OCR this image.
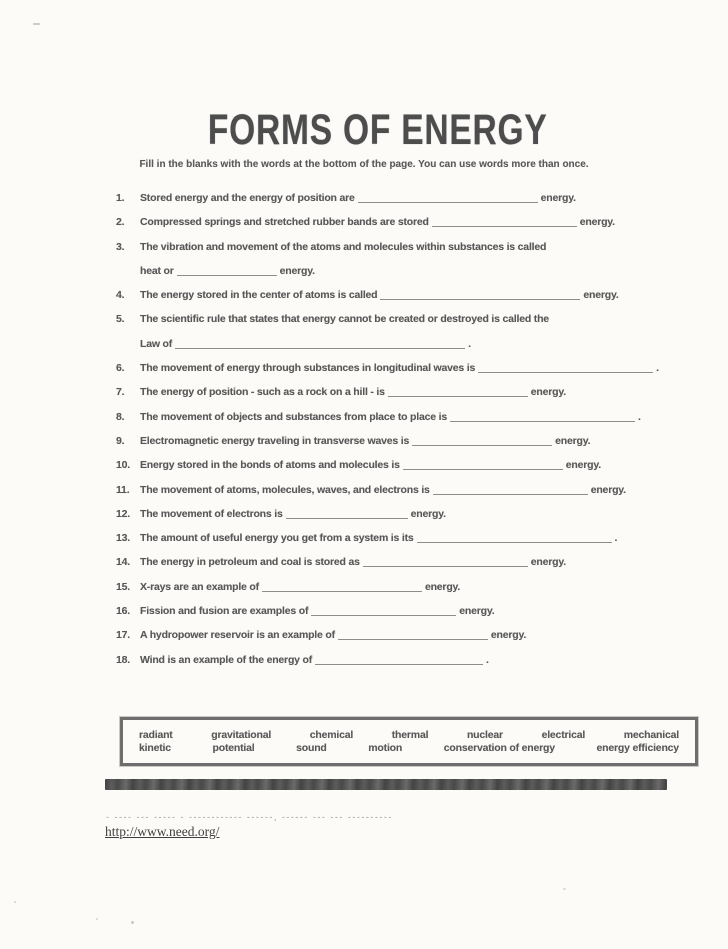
FORMS OF ENERGY

Fill in the blanks with the words at the bottom of the page. You can use words more than once.

1.	Stored energy and the energy of position are	energy.
2.	Compressed springs and stretched rubber bands are stored	energy.
3.	The vibration and movement of the atoms and molecules within substances is called
heat or	energy.
4.	The energy stored in the center of atoms is called	energy.
5.	The scientific rule that states that energy cannot be created or destroyed is called the
Law of	.
6.	The movement of energy through substances in longitudinal waves is	.
7.	The energy of position - such as a rock on a hill - is	energy.
8.	The movement of objects and substances from place to place is	.
9.	Electromagnetic energy traveling in transverse waves is	energy.
10. Energy stored in the bonds of atoms and molecules is	energy.
11.	The movement of atoms, molecules, waves, and electrons is	energy.
12. The movement of electrons is	energy.
13. The amount of useful energy you get from a system is its	.
14. The energy in petroleum and coal is stored as	energy.
15. X-rays are an example of	energy.
16. Fission and fusion are examples of	energy.
17. A hydropower reservoir is an example of	energy.
18. Wind is an example of the energy of	.
radiant	gravitational	chemical	thermal	nuclear	electrical	mechanical
kinetic	potential	sound	motion	conservation of energy	energy efficiency
- ---- --- ----- - ------------ ------, ------ --- --- ----------
http://www.need.org/
